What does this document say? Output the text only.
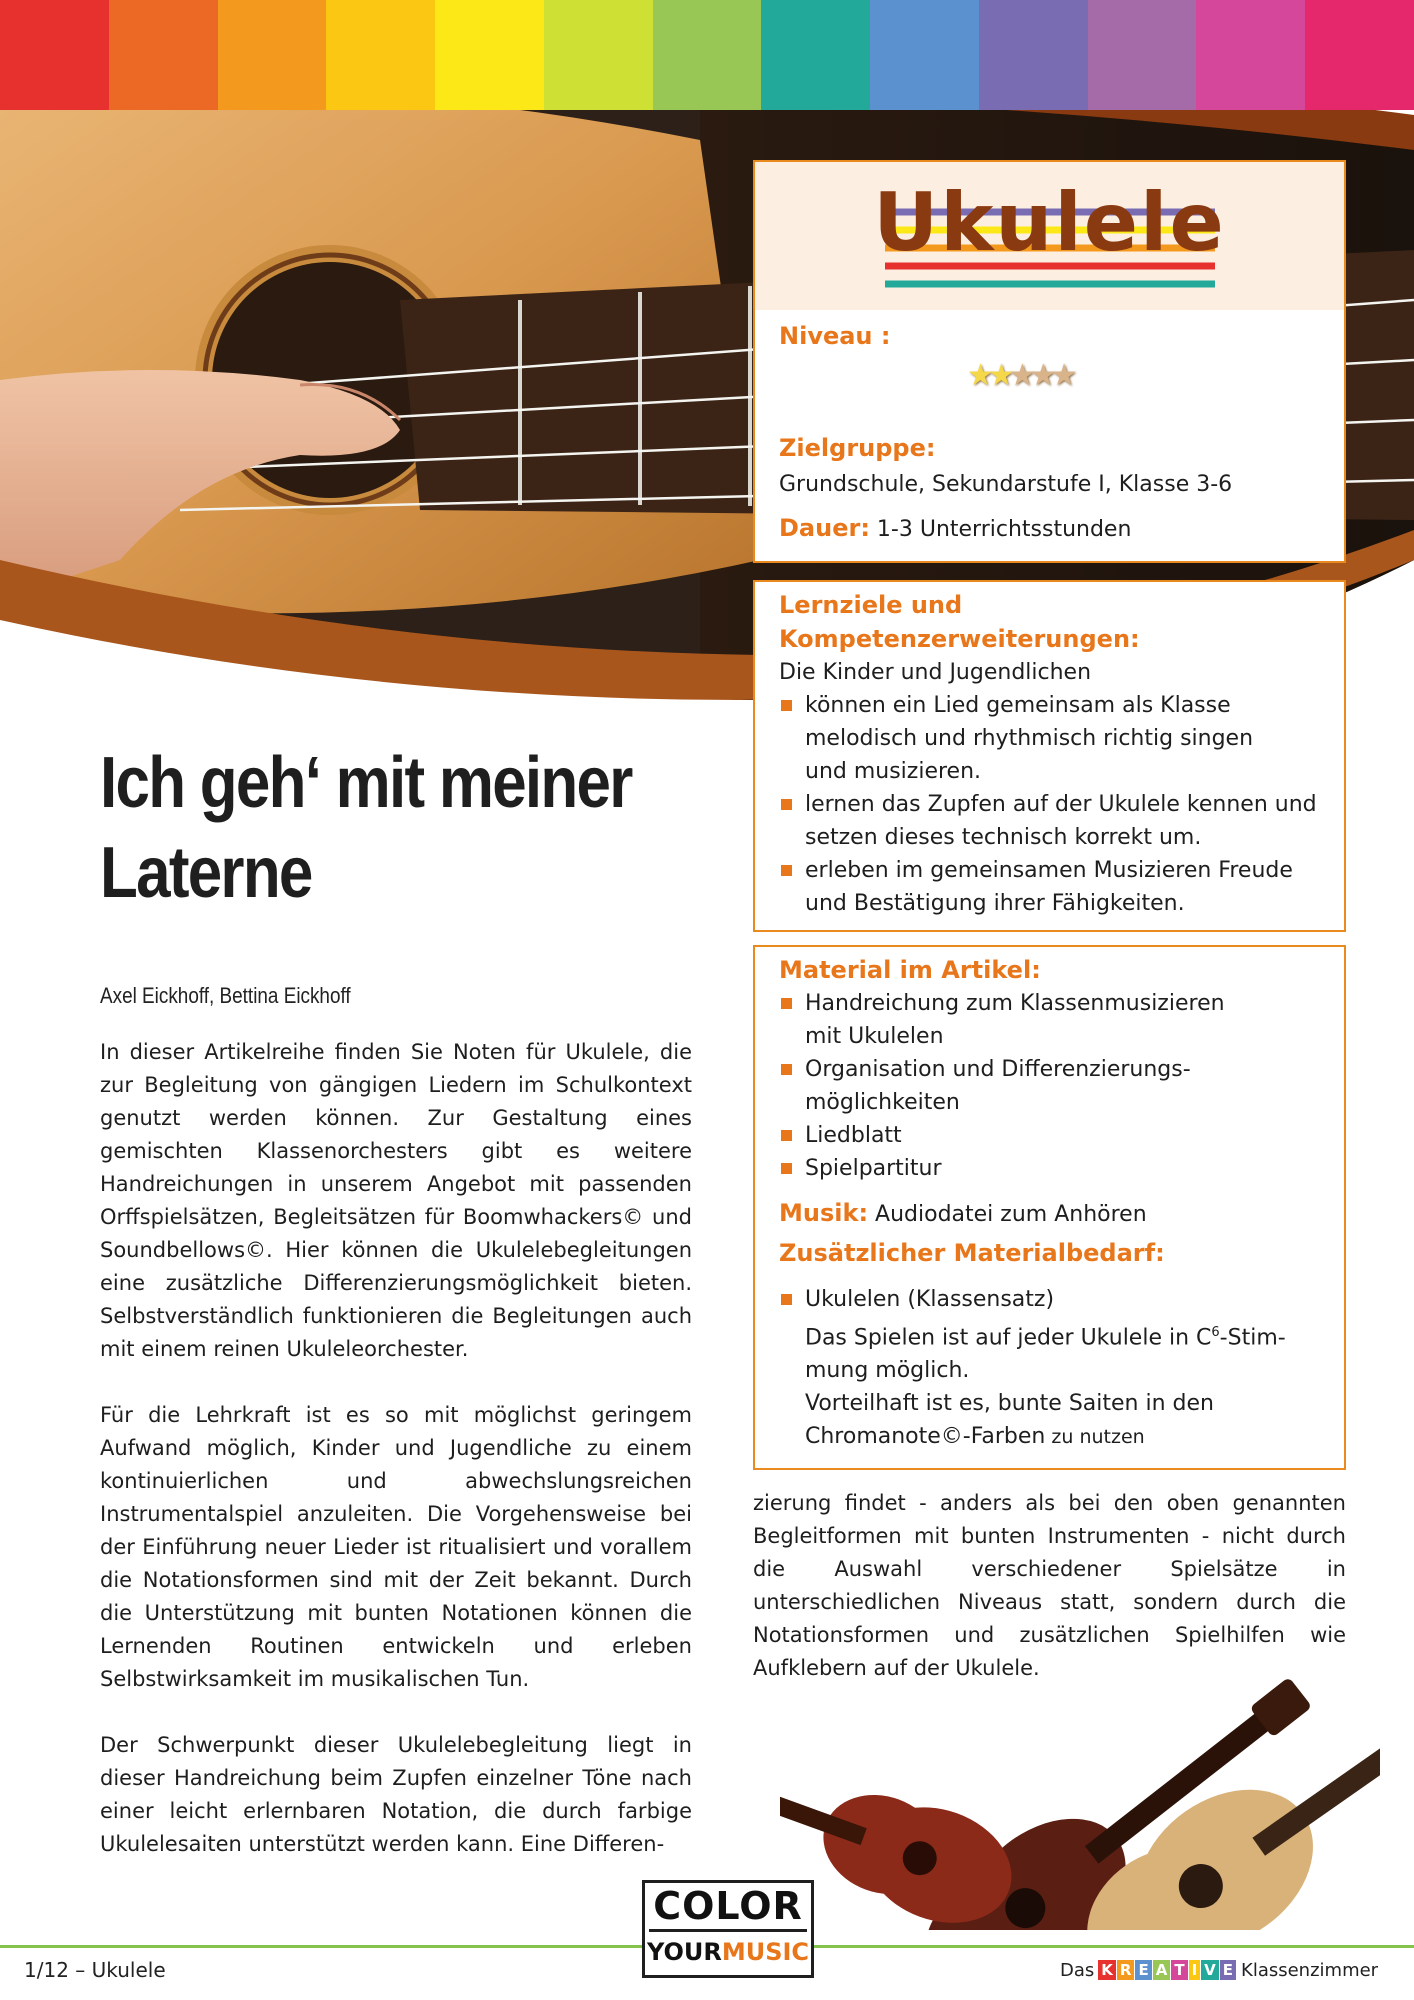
Ukulele
Niveau :
★★★★★
Zielgruppe:
Grundschule, Sekundarstufe I, Klasse 3-6
Dauer: 1-3 Unterrichtsstunden
Lernziele und Kompetenzerweiterungen:
Die Kinder und Jugendlichen
können ein Lied gemeinsam als Klasse
melodisch und rhythmisch richtig singen
und musizieren.
lernen das Zupfen auf der Ukulele kennen und
setzen dieses technisch korrekt um.
erleben im gemeinsamen Musizieren Freude
und Bestätigung ihrer Fähigkeiten.
Material im Artikel:
Handreichung zum Klassenmusizieren
mit Ukulelen
Organisation und Differenzierungs-
möglichkeiten
Liedblatt
Spielpartitur
Musik: Audiodatei zum Anhören
Zusätzlicher Materialbedarf:
Ukulelen (Klassensatz)
Das Spielen ist auf jeder Ukulele in $C^6-Stim-$
mung möglich.
Vorteilhaft ist es, bunte Saiten in den
Chromanote©-Farben zu nutzen
Ich geh‘ mit meiner
Laterne
Axel Eickhoff, Bettina Eickhoff

In dieser Artikelreihe finden Sie Noten für Ukulele, die zur Begleitung von gängigen Liedern im Schulkontext genutzt werden können. Zur Gestaltung eines gemischten Klassenorchesters gibt es weitere Handreichungen in unserem Angebot mit passenden Orffspielsätzen, Begleitsätzen für Boomwhackers© und Soundbellows©. Hier können die Ukulelebegleitungen eine zusätzliche Differenzierungsmöglichkeit bieten. Selbstverständlich funktionieren die Begleitungen auch mit einem reinen Ukuleleorchester.

Für die Lehrkraft ist es so mit möglichst geringem Aufwand möglich, Kinder und Jugendliche zu einem kontinuierlichen und abwechslungsreichen Instrumentalspiel anzuleiten. Die Vorgehensweise bei der Einführung neuer Lieder ist ritualisiert und vorallem die Notationsformen sind mit der Zeit bekannt. Durch die Unterstützung mit bunten Notationen können die Lernenden Routinen entwickeln und erleben Selbstwirksamkeit im musikalischen Tun.

Der Schwerpunkt dieser Ukulelebegleitung liegt in dieser Handreichung beim Zupfen einzelner Töne nach einer leicht erlernbaren Notation, die durch farbige Ukulelesaiten unterstützt werden kann. Eine Differen-

zierung findet - anders als bei den oben genannten Begleitformen mit bunten Instrumenten - nicht durch die Auswahl verschiedener Spielsätze in unterschiedlichen Niveaus statt, sondern durch die Notationsformen und zusätzlichen Spielhilfen wie Aufklebern auf der Ukulele.

1/12 – Ukulele
COLOR
YOURMUSIC
Das K R E A T I V E Klassenzimmer
